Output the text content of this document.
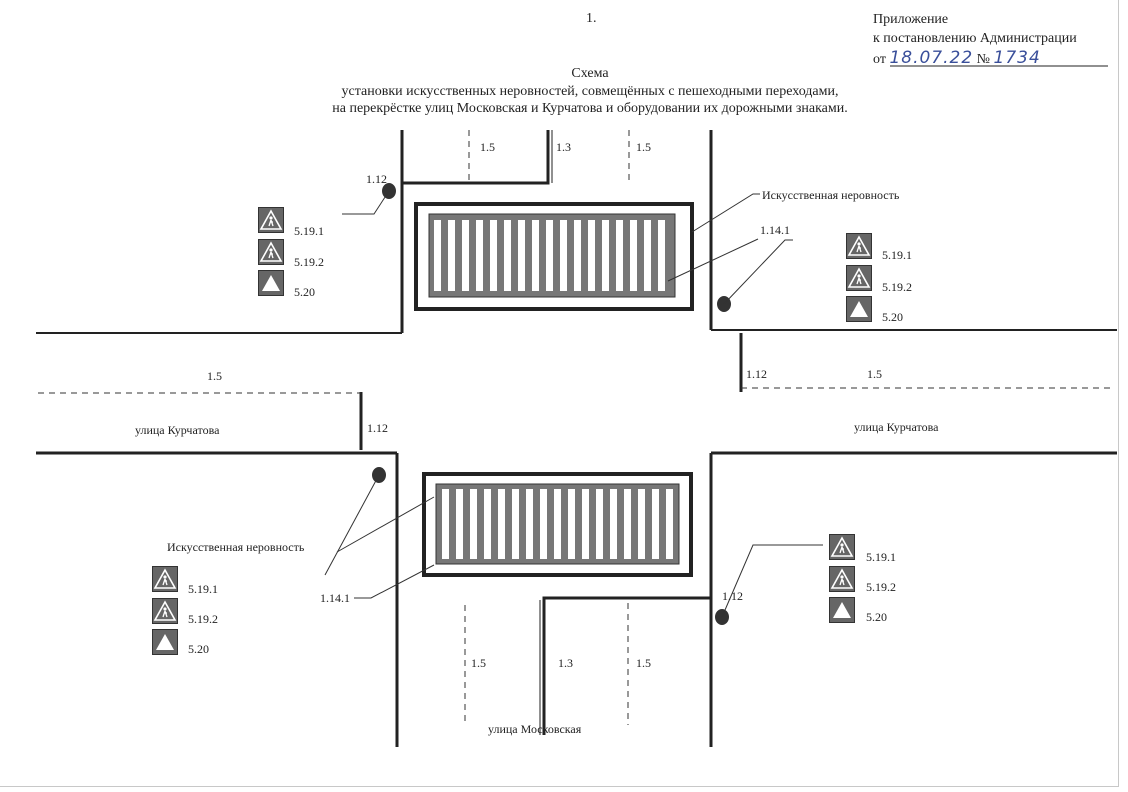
1.	Приложение
к постановлению Администрации
от 18.07.22 № 1734
Схема
установки искусственных неровностей, совмещённых с пешеходными переходами,
на перекрёстке улиц Московская и Курчатова и оборудовании их дорожными знаками.
1.5	1.3	1.5
1.12
1.5
1.12
1.12	1.5
1.5	1.3	1.5
1.12
Искусственная неровность
1.14.1
Искусственная неровность
1.14.1
улица Курчатова	улица Курчатова
улица Московская
5.19.1
5.19.2
5.20
5.19.1
5.19.2
5.20
5.19.1
5.19.2
5.20
5.19.1
5.19.2
5.20
